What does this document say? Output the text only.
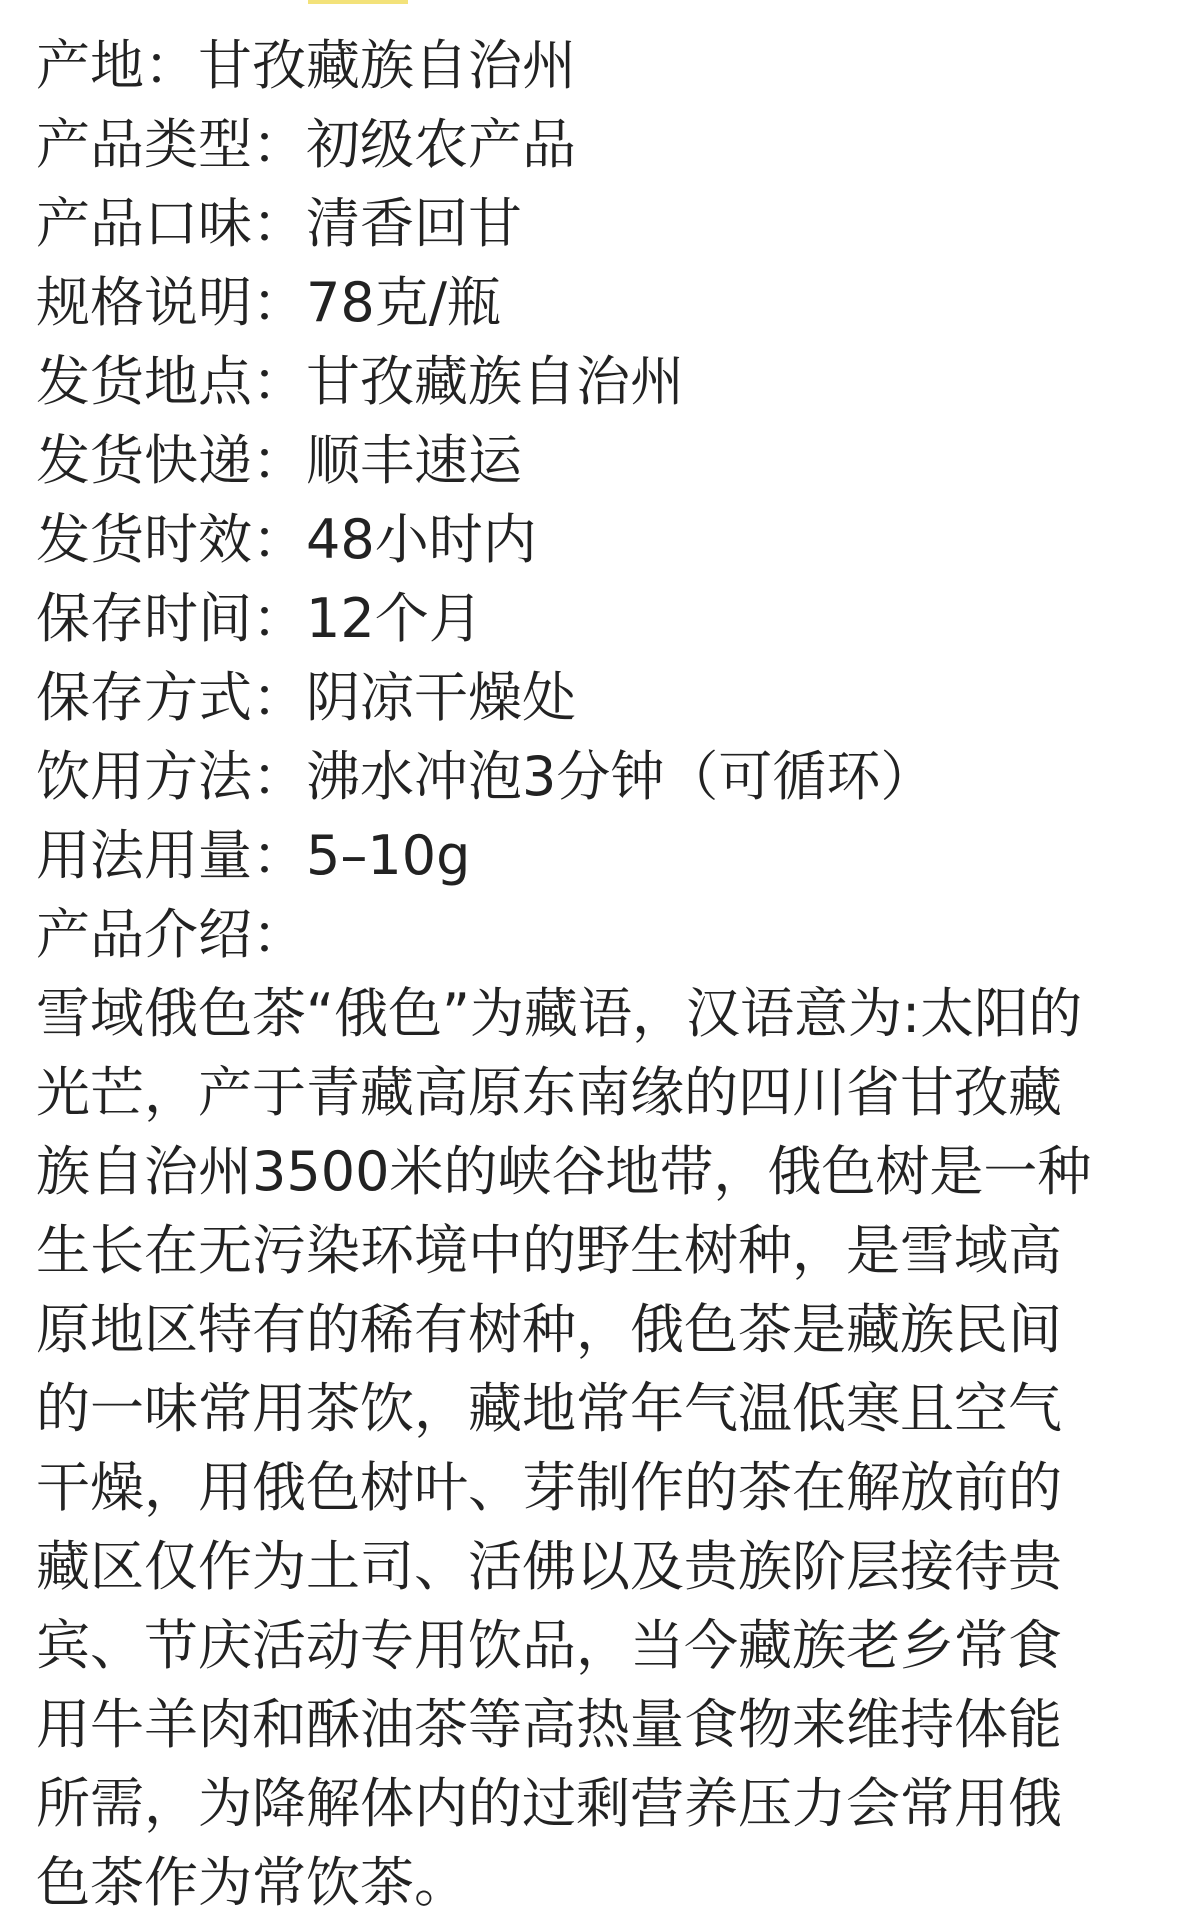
产地：甘孜藏族自治州
产品类型：初级农产品
产品口味：清香回甘
规格说明：78克/瓶
发货地点：甘孜藏族自治州
发货快递：顺丰速运
发货时效：48小时内
保存时间：12个月
保存方式：阴凉干燥处
饮用方法：沸水冲泡3分钟（可循环）
用法用量：5–10g
产品介绍：
雪域俄色茶“俄色”为藏语，汉语意为:太阳的
光芒，产于青藏高原东南缘的四川省甘孜藏
族自治州3500米的峡谷地带，俄色树是一种
生长在无污染环境中的野生树种，是雪域高
原地区特有的稀有树种，俄色茶是藏族民间
的一味常用茶饮，藏地常年气温低寒且空气
干燥，用俄色树叶、芽制作的茶在解放前的
藏区仅作为土司、活佛以及贵族阶层接待贵
宾、节庆活动专用饮品，当今藏族老乡常食
用牛羊肉和酥油茶等高热量食物来维持体能
所需，为降解体内的过剩营养压力会常用俄
色茶作为常饮茶。
